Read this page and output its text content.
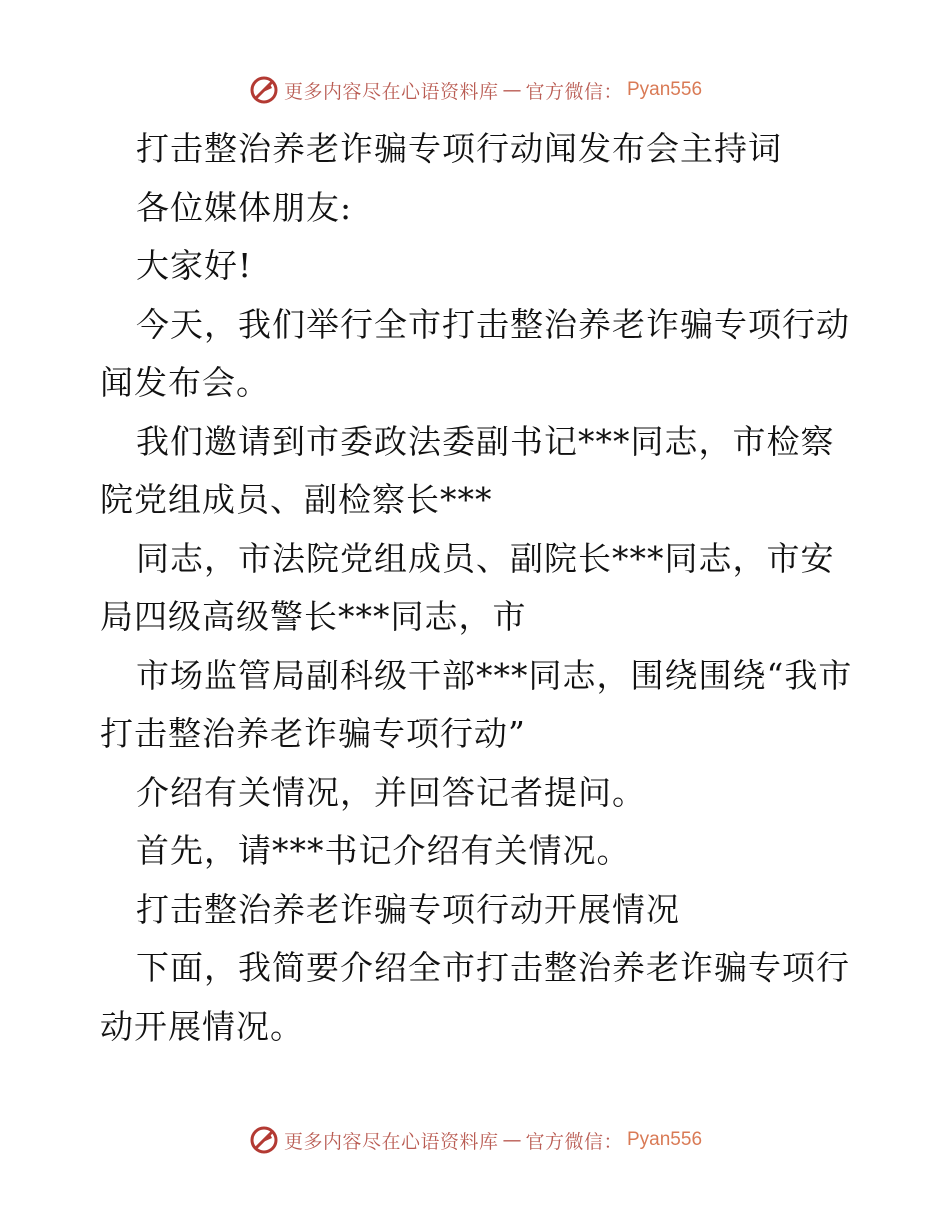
更多内容尽在心语资料库 — 官方微信： Pyan556

打击整治养老诈骗专项行动闻发布会主持词

各位媒体朋友:

大家好!

今天，我们举行全市打击整治养老诈骗专项行动闻发布会。

我们邀请到市委政法委副书记***同志，市检察院党组成员、副检察长***

同志，市法院党组成员、副院长***同志，市安局四级高级警长***同志，市

市场监管局副科级干部***同志，围绕围绕“我市打击整治养老诈骗专项行动”

介绍有关情况，并回答记者提问。

首先，请***书记介绍有关情况。

打击整治养老诈骗专项行动开展情况

下面，我简要介绍全市打击整治养老诈骗专项行动开展情况。

更多内容尽在心语资料库 — 官方微信： Pyan556
